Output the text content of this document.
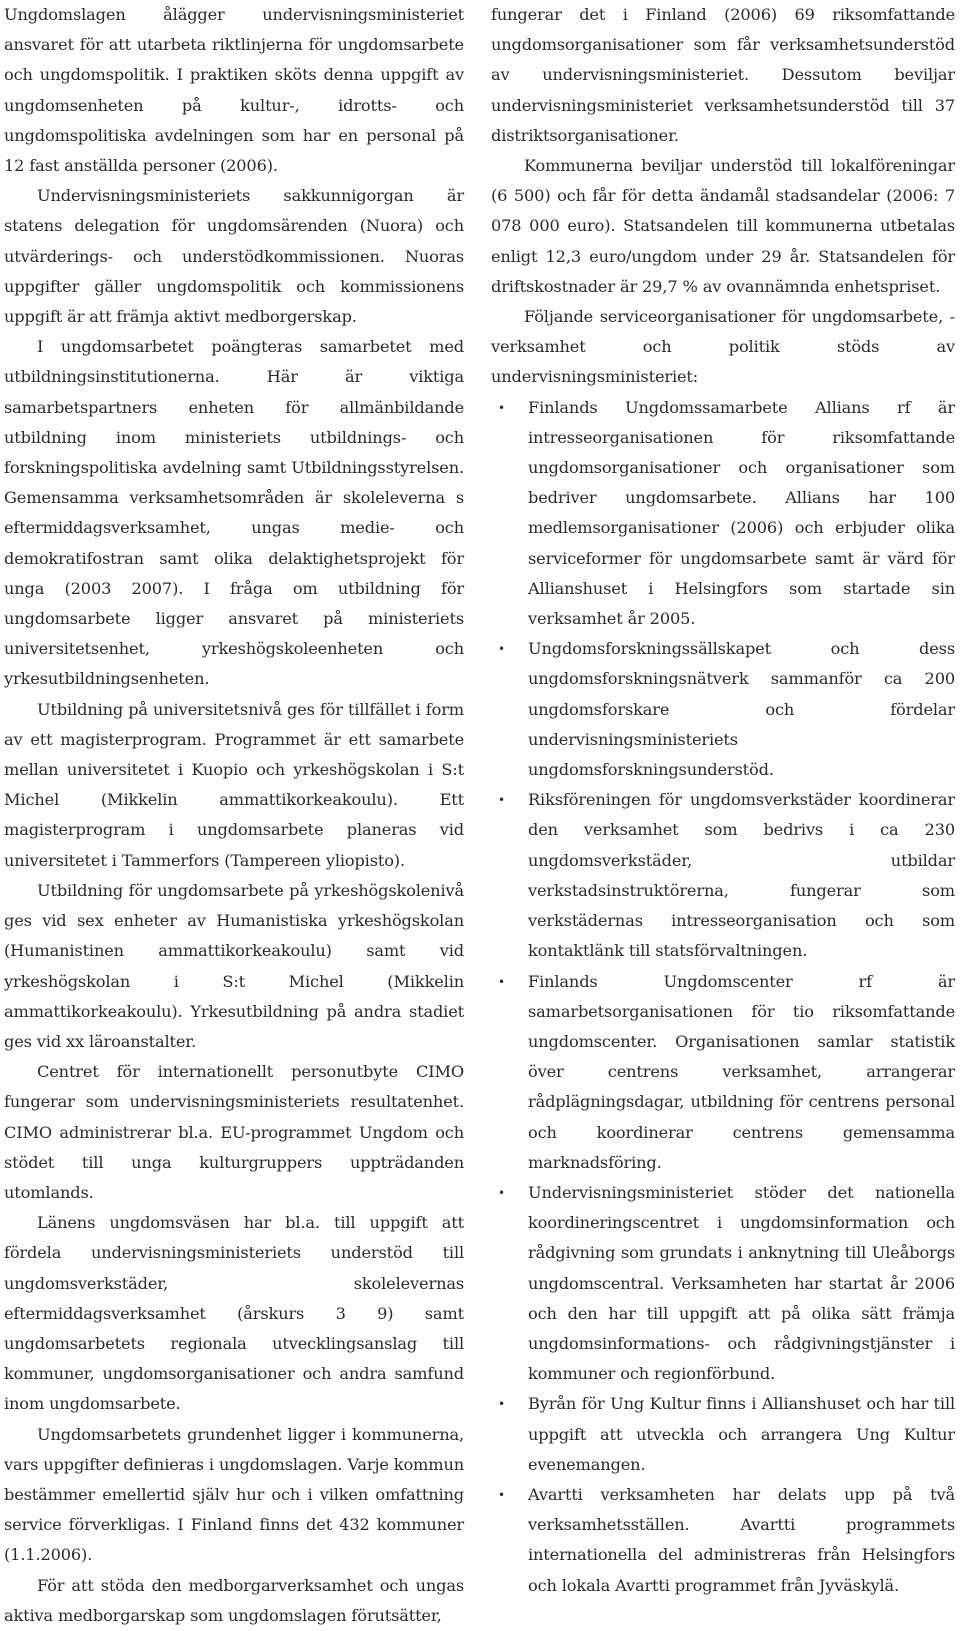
Ungdomslagen ålägger undervisningsministeriet ansvaret för att utarbeta riktlinjerna för ungdomsarbete och ungdomspolitik. I praktiken sköts denna uppgift av ungdomsenheten på kultur-, idrotts- och ungdomspolitiska avdelningen som har en personal på 12 fast anställda personer (2006).

Undervisningsministeriets sakkunnigorgan är statens delegation för ungdomsärenden (Nuora) och utvärderings- och understödkommissionen. Nuoras uppgifter gäller ungdomspolitik och kommissionens uppgift är att främja aktivt medborgerskap.

I ungdomsarbetet poängteras samarbetet med utbildningsinstitutionerna. Här är viktiga samarbetspartners enheten för allmänbildande utbildning inom ministeriets utbildnings- och forskningspolitiska avdelning samt Utbildningsstyrelsen. Gemensamma verksamhetsområden är skoleleverna s eftermiddagsverksamhet, ungas medie- och demokratifostran samt olika delaktighetsprojekt för unga (2003 2007). I fråga om utbildning för ungdomsarbete ligger ansvaret på ministeriets universitetsenhet, yrkeshögskoleenheten och yrkesutbildningsenheten.

Utbildning på universitetsnivå ges för tillfället i form av ett magisterprogram. Programmet är ett samarbete mellan universitetet i Kuopio och yrkeshögskolan i S:t Michel (Mikkelin ammattikorkeakoulu). Ett magisterprogram i ungdomsarbete planeras vid universitetet i Tammerfors (Tampereen yliopisto).

Utbildning för ungdomsarbete på yrkeshögskolenivå ges vid sex enheter av Humanistiska yrkeshögskolan (Humanistinen ammattikorkeakoulu) samt vid yrkeshögskolan i S:t Michel (Mikkelin ammattikorkeakoulu). Yrkesutbildning på andra stadiet ges vid xx läroanstalter.

Centret för internationellt personutbyte CIMO fungerar som undervisningsministeriets resultatenhet. CIMO administrerar bl.a. EU-programmet Ungdom och stödet till unga kulturgruppers uppträdanden utomlands.

Länens ungdomsväsen har bl.a. till uppgift att fördela undervisningsministeriets understöd till ungdomsverkstäder, skolelevernas eftermiddagsverksamhet (årskurs 3 9) samt ungdomsarbetets regionala utvecklingsanslag till kommuner, ungdomsorganisationer och andra samfund inom ungdomsarbete.

Ungdomsarbetets grundenhet ligger i kommunerna, vars uppgifter definieras i ungdomslagen. Varje kommun bestämmer emellertid själv hur och i vilken omfattning service förverkligas. I Finland finns det 432 kommuner (1.1.2006).

För att stöda den medborgarverksamhet och ungas aktiva medborgarskap som ungdomslagen förutsätter,

fungerar det i Finland (2006) 69 riksomfattande ungdomsorganisationer som får verksamhetsunderstöd av undervisningsministeriet. Dessutom beviljar undervisningsministeriet verksamhetsunderstöd till 37 distriktsorganisationer.

Kommunerna beviljar understöd till lokalföreningar (6 500) och får för detta ändamål stadsandelar (2006: 7 078 000 euro). Statsandelen till kommunerna utbetalas enligt 12,3 euro/ungdom under 29 år. Statsandelen för driftskostnader är 29,7 % av ovannämnda enhetspriset.

Följande serviceorganisationer för ungdomsarbete, -verksamhet och politik stöds av undervisningsministeriet:

• Finlands Ungdomssamarbete Allians rf är intresseorganisationen för riksomfattande ungdomsorganisationer och organisationer som bedriver ungdomsarbete. Allians har 100 medlemsorganisationer (2006) och erbjuder olika serviceformer för ungdomsarbete samt är värd för Allianshuset i Helsingfors som startade sin verksamhet år 2005.
• Ungdomsforskningssällskapet och dess ungdomsforskningsnätverk sammanför ca 200 ungdomsforskare och fördelar undervisningsministeriets ungdomsforskningsunderstöd.
• Riksföreningen för ungdomsverkstäder koordinerar den verksamhet som bedrivs i ca 230 ungdomsverkstäder, utbildar verkstadsinstruktörerna, fungerar som verkstädernas intresseorganisation och som kontaktlänk till statsförvaltningen.
• Finlands Ungdomscenter rf är samarbetsorganisationen för tio riksomfattande ungdomscenter. Organisationen samlar statistik över centrens verksamhet, arrangerar rådplägningsdagar, utbildning för centrens personal och koordinerar centrens gemensamma marknadsföring.
• Undervisningsministeriet stöder det nationella koordineringscentret i ungdomsinformation och rådgivning som grundats i anknytning till Uleåborgs ungdomscentral. Verksamheten har startat år 2006 och den har till uppgift att på olika sätt främja ungdomsinformations- och rådgivningstjänster i kommuner och regionförbund.
• Byrån för Ung Kultur finns i Allianshuset och har till uppgift att utveckla och arrangera Ung Kultur evenemangen.
• Avartti verksamheten har delats upp på två verksamhetsställen. Avartti programmets internationella del administreras från Helsingfors och lokala Avartti programmet från Jyväskylä.
